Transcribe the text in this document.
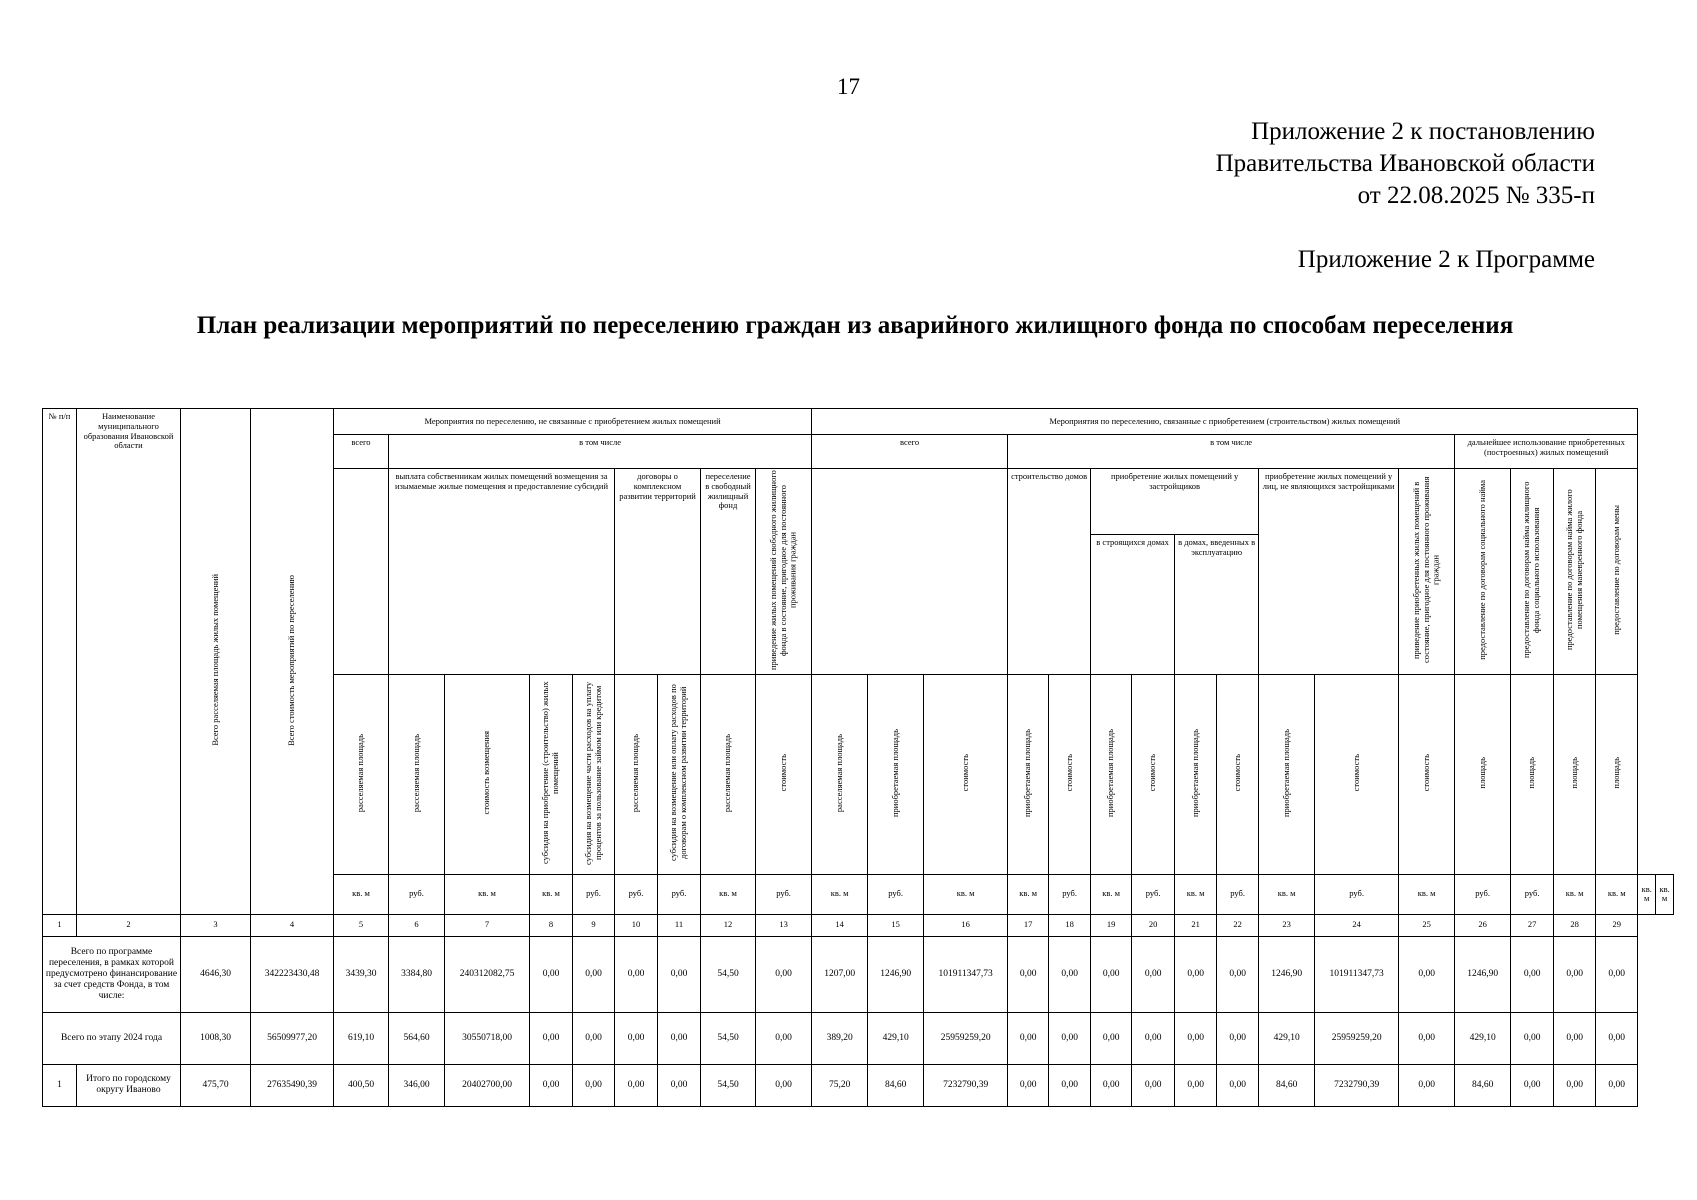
17
Приложение 2 к постановлению
Правительства Ивановской области
от 22.08.2025 № 335-п
Приложение 2 к Программе
План реализации мероприятий по переселению граждан из аварийного жилищного фонда по способам переселения
№ п/п	Наименование муниципального образования Ивановской области	Всего расселяемая площадь жилых помещений	Всего стоимость мероприятий по переселению	Мероприятия по переселению, не связанные с приобретением жилых помещений									Мероприятия по переселению, связанные с приобретением (строительством) жилых помещений																	
				всего	в том числе								всего			в том числе									дальнейшее использование приобретенных (построенных) жилых помещений					
					выплата собственникам жилых помещений возмещения за изымаемые жилые помещения и предоставление субсидий				договоры о комплексном развитии территорий		переселение в свободный жилищный фонд	приведение жилых помещений свободного жилищного фонда в состояние, пригодное для постоянного проживания граждан				строительство домов		приобретение жилых помещений у застройщиков				приобретение жилых помещений у лиц, не являющихся застройщиками		приведение приобретенных жилых помещений в состояние, пригодное для постоянного проживания граждан	предоставление по договорам социального найма	предоставление по договорам найма жилищного фонда социального использования	предоставление по договорам найма жилого помещения маневренного фонда	предоставление по договорам мены		
																		в строящихся домах		в домах, введенных в эксплуатацию										
				расселяемая площадь	расселяемая площадь	стоимость возмещения	субсидия на приобретение (строительство) жилых помещений	субсидия на возмещение части расходов на уплату процентов за пользование займом или кредитом	расселяемая площадь	субсидия на возмещение или оплату расходов по договорам о комплексном развитии территорий	расселяемая площадь	стоимость	расселяемая площадь	приобретаемая площадь	стоимость	приобретаемая площадь	стоимость	приобретаемая площадь	стоимость	приобретаемая площадь	стоимость	приобретаемая площадь	стоимость	стоимость	площадь	площадь	площадь	площадь		
				кв. м	руб.	кв. м	кв. м	руб.	руб.	руб.	кв. м	руб.	кв. м	руб.	кв. м	кв. м	руб.	кв. м	руб.	кв. м	руб.	кв. м	руб.	кв. м	руб.	руб.	кв. м	кв. м	кв. м	кв. м
1	2	3	4	5	6	7	8	9	10	11	12	13	14	15	16	17	18	19	20	21	22	23	24	25	26	27	28	29		
Всего по программе переселения, в рамках которой предусмотрено финансирование за счет средств Фонда, в том числе:		4646,30	342223430,48	3439,30	3384,80	240312082,75	0,00	0,00	0,00	0,00	54,50	0,00	1207,00	1246,90	101911347,73	0,00	0,00	0,00	0,00	0,00	0,00	1246,90	101911347,73	0,00	1246,90	0,00	0,00	0,00		
Всего по этапу 2024 года		1008,30	56509977,20	619,10	564,60	30550718,00	0,00	0,00	0,00	0,00	54,50	0,00	389,20	429,10	25959259,20	0,00	0,00	0,00	0,00	0,00	0,00	429,10	25959259,20	0,00	429,10	0,00	0,00	0,00		
1	Итого по городскому округу Иваново	475,70	27635490,39	400,50	346,00	20402700,00	0,00	0,00	0,00	0,00	54,50	0,00	75,20	84,60	7232790,39	0,00	0,00	0,00	0,00	0,00	0,00	84,60	7232790,39	0,00	84,60	0,00	0,00	0,00		
